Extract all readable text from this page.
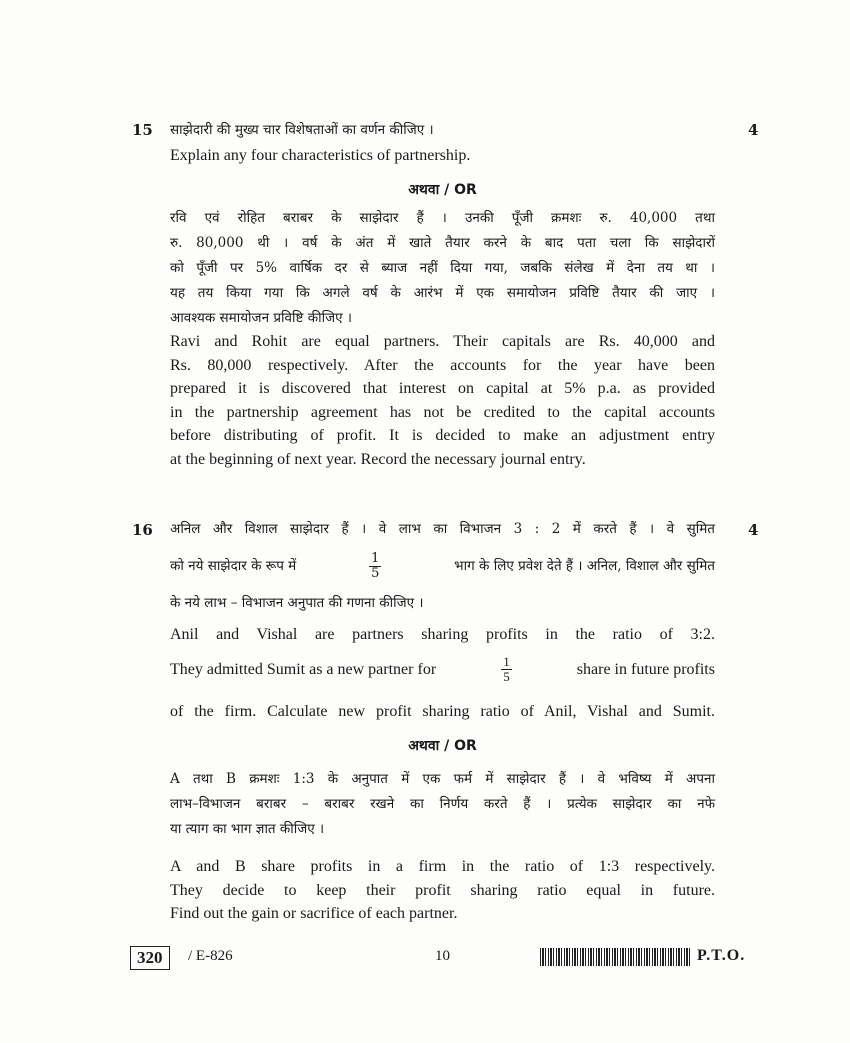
15	4
साझेदारी की मुख्य चार विशेषताओं का वर्णन कीजिए ।
Explain any four characteristics of partnership.
अथवा / OR
रवि एवं रोहित बराबर के साझेदार हैं । उनकी पूँजी क्रमशः रु. 40,000 तथा
रु. 80,000 थी । वर्ष के अंत में खाते तैयार करने के बाद पता चला कि साझेदारों
को पूँजी पर 5% वार्षिक दर से ब्याज नहीं दिया गया, जबकि संलेख में देना तय था ।
यह तय किया गया कि अगले वर्ष के आरंभ में एक समायोजन प्रविष्टि तैयार की जाए ।
आवश्यक समायोजन प्रविष्टि कीजिए ।
Ravi and Rohit are equal partners. Their capitals are Rs. 40,000 and
Rs. 80,000 respectively. After the accounts for the year have been
prepared it is discovered that interest on capital at 5% p.a. as provided
in the partnership agreement has not be credited to the capital accounts
before distributing of profit. It is decided to make an adjustment entry
at the beginning of next year. Record the necessary journal entry.
16	4
अनिल और विशाल साझेदार हैं । वे लाभ का विभाजन 3 : 2 में करते हैं । वे सुमित
को नये साझेदार के रूप में	$\frac{1}{5}$	भाग के लिए प्रवेश देते हैं । अनिल, विशाल और सुमित
के नये लाभ – विभाजन अनुपात की गणना कीजिए ।
Anil and Vishal are partners sharing profits in the ratio of 3:2.
They admitted Sumit as a new partner for	$\frac{1}{5}$	share in future profits
of the firm. Calculate new profit sharing ratio of Anil, Vishal and Sumit.
अथवा / OR
A तथा B क्रमशः 1:3 के अनुपात में एक फर्म में साझेदार हैं । वे भविष्य में अपना
लाभ–विभाजन बराबर – बराबर रखने का निर्णय करते हैं । प्रत्येक साझेदार का नफे
या त्याग का भाग ज्ञात कीजिए ।
A and B share profits in a firm in the ratio of 1:3 respectively.
They decide to keep their profit sharing ratio equal in future.
Find out the gain or sacrifice of each partner.
320	/ E-826	10	P.T.O.
